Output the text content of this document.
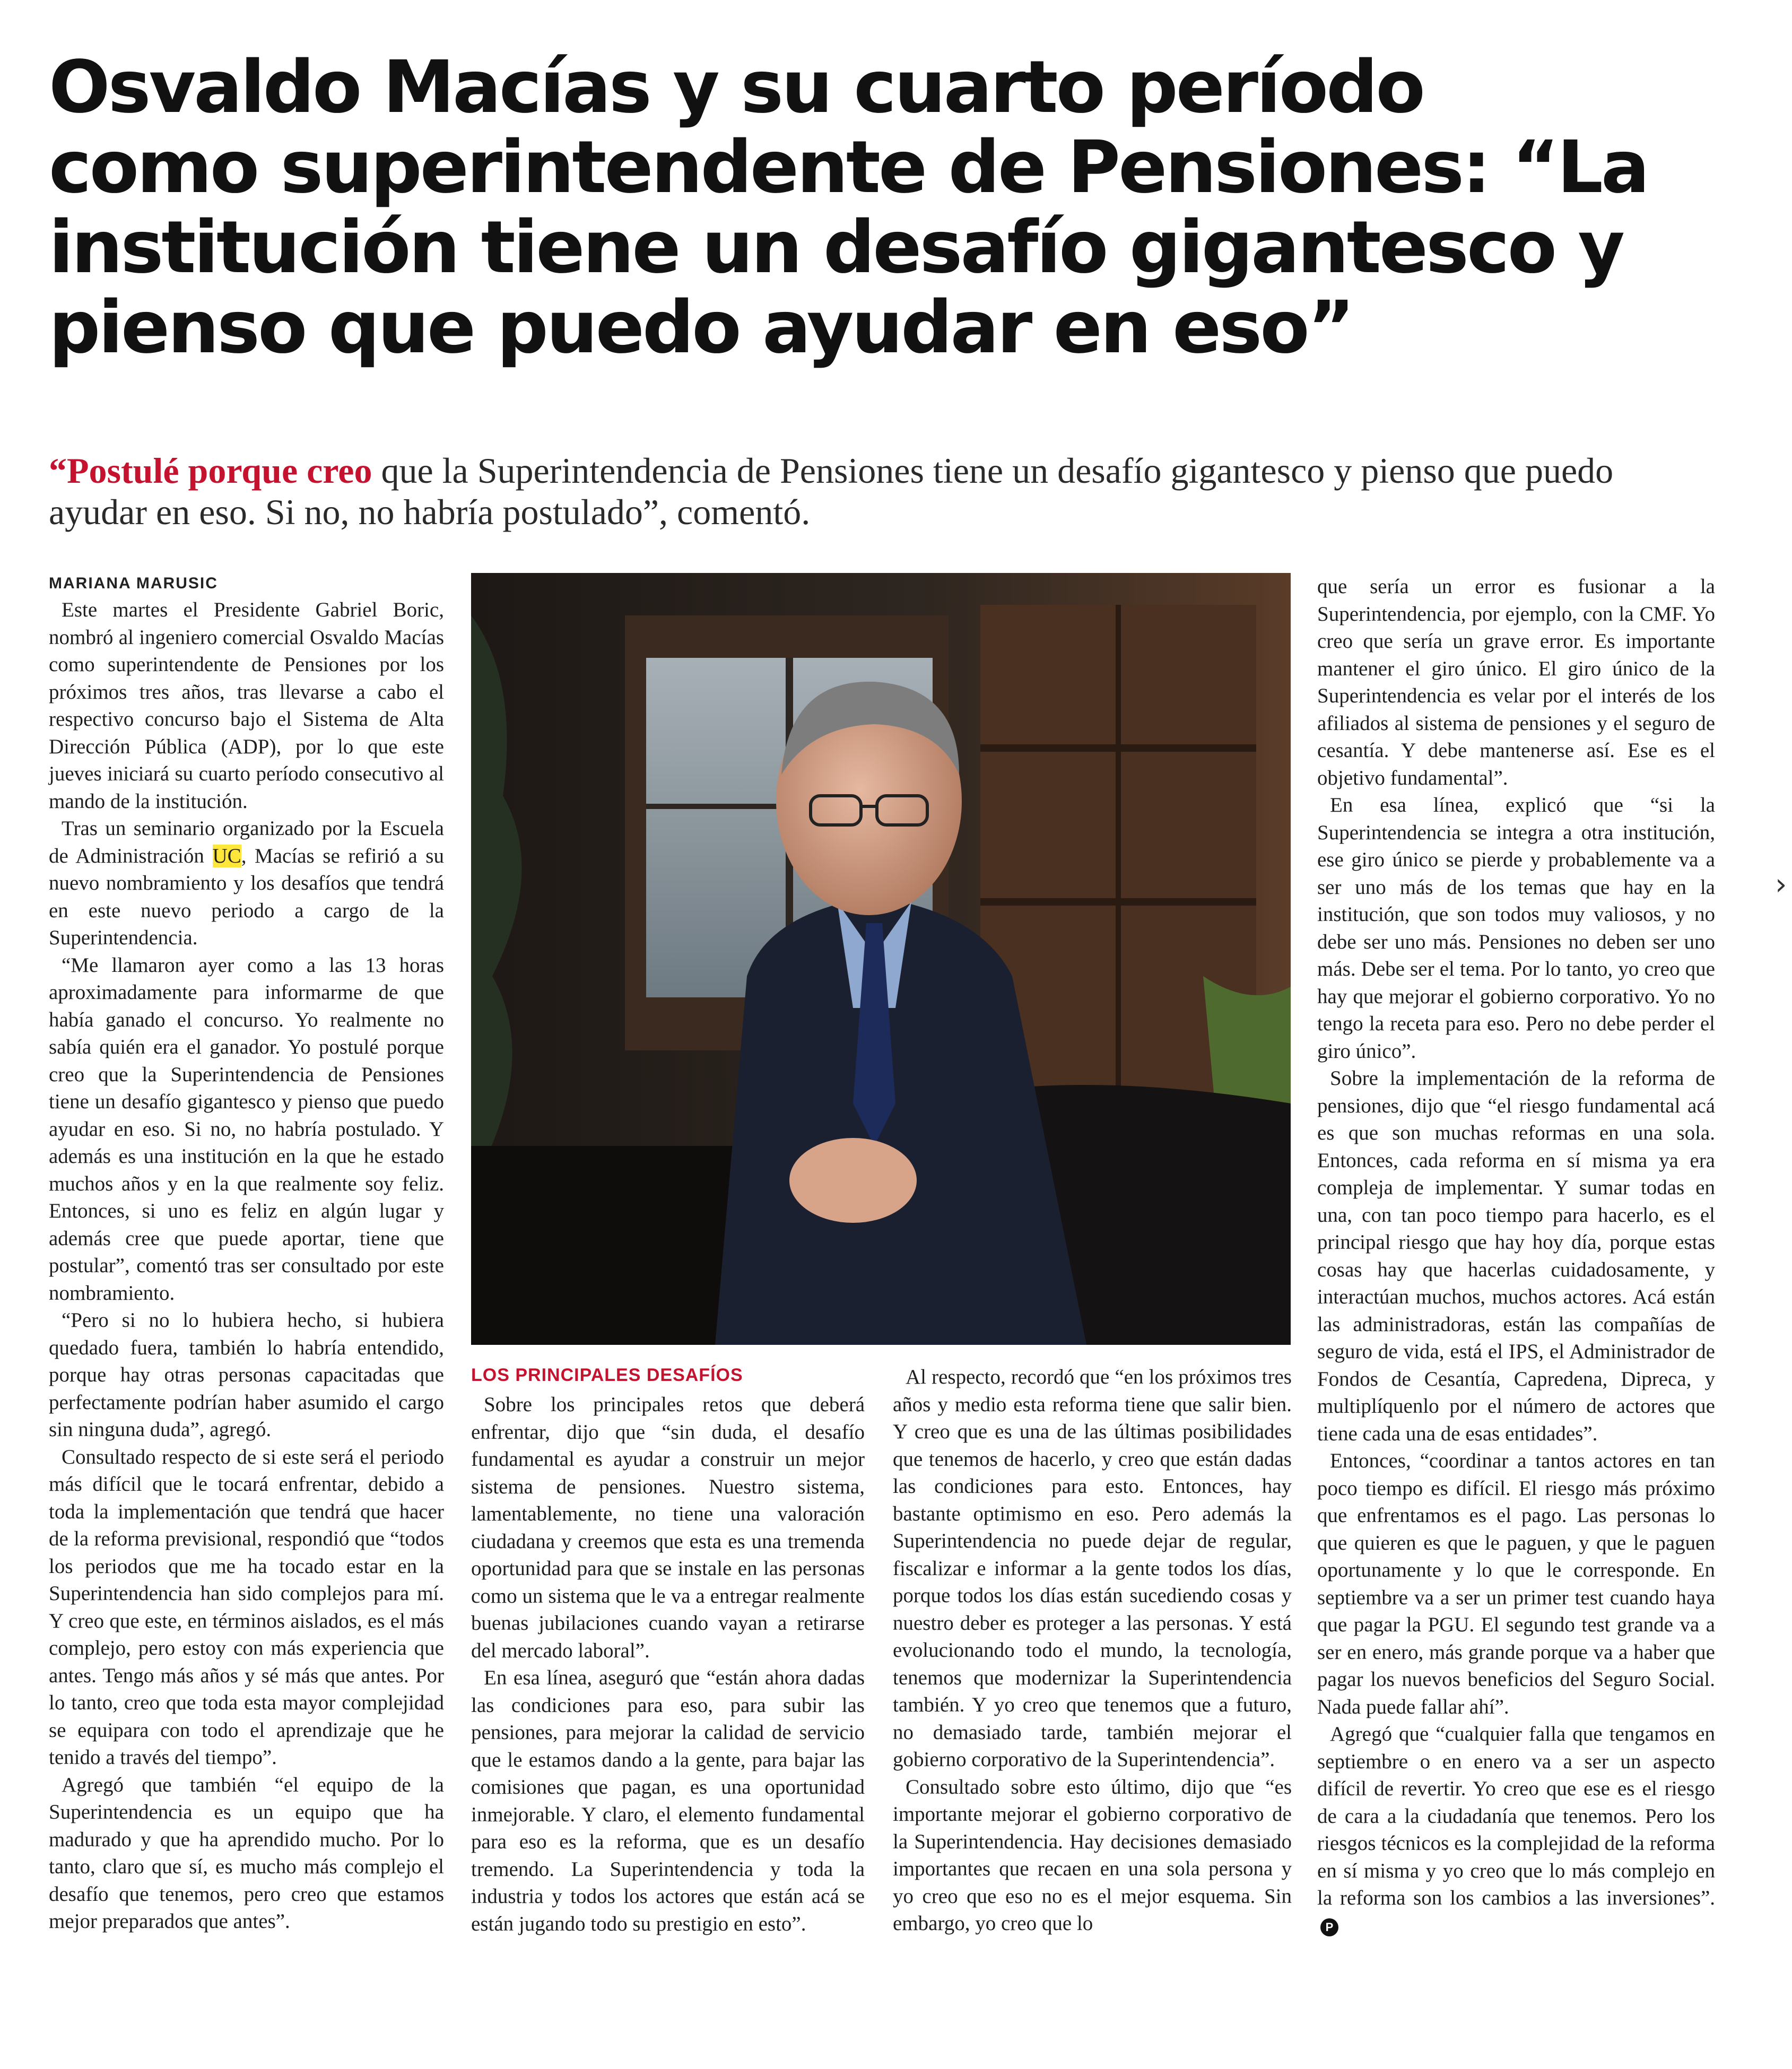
Osvaldo Macías y su cuarto período
como superintendente de Pensiones: “La
institución tiene un desafío gigantesco y
pienso que puedo ayudar en eso”
“Postulé porque creo que la Superintendencia de Pensiones tiene un desafío gigantesco y pienso que puedo
ayudar en eso. Si no, no habría postulado”, comentó.
MARIANA MARUSIC

Este martes el Presidente Gabriel Boric, nombró al ingeniero comercial Osvaldo Macías como superintendente de Pensiones por los próximos tres años, tras llevarse a cabo el respectivo concurso bajo el Sistema de Alta Dirección Pública (ADP), por lo que este jueves iniciará su cuarto período consecutivo al mando de la institución.

Tras un seminario organizado por la Escuela de Administración UC, Macías se refirió a su nuevo nombramiento y los desafíos que tendrá en este nuevo periodo a cargo de la Superintendencia.

“Me llamaron ayer como a las 13 horas aproximadamente para informarme de que había ganado el concurso. Yo realmente no sabía quién era el ganador. Yo postulé porque creo que la Superintendencia de Pensiones tiene un desafío gigantesco y pienso que puedo ayudar en eso. Si no, no habría postulado. Y además es una institución en la que he estado muchos años y en la que realmente soy feliz. Entonces, si uno es feliz en algún lugar y además cree que puede aportar, tiene que postular”, comentó tras ser consultado por este nombramiento.

“Pero si no lo hubiera hecho, si hubiera quedado fuera, también lo habría entendido, porque hay otras personas capacitadas que perfectamente podrían haber asumido el cargo sin ninguna duda”, agregó.

Consultado respecto de si este será el periodo más difícil que le tocará enfrentar, debido a toda la implementación que tendrá que hacer de la reforma previsional, respondió que “todos los periodos que me ha tocado estar en la Superintendencia han sido complejos para mí. Y creo que este, en términos aislados, es el más complejo, pero estoy con más experiencia que antes. Tengo más años y sé más que antes. Por lo tanto, creo que toda esta mayor complejidad se equipara con todo el aprendizaje que he tenido a través del tiempo”.

Agregó que también “el equipo de la Superintendencia es un equipo que ha madurado y que ha aprendido mucho. Por lo tanto, claro que sí, es mucho más complejo el desafío que tenemos, pero creo que estamos mejor preparados que antes”.

LOS PRINCIPALES DESAFÍOS

Sobre los principales retos que deberá enfrentar, dijo que “sin duda, el desafío fundamental es ayudar a construir un mejor sistema de pensiones. Nuestro sistema, lamentablemente, no tiene una valoración ciudadana y creemos que esta es una tremenda oportunidad para que se instale en las personas como un sistema que le va a entregar realmente buenas jubilaciones cuando vayan a retirarse del mercado laboral”.

En esa línea, aseguró que “están ahora dadas las condiciones para eso, para subir las pensiones, para mejorar la calidad de servicio que le estamos dando a la gente, para bajar las comisiones que pagan, es una oportunidad inmejorable. Y claro, el elemento fundamental para eso es la reforma, que es un desafío tremendo. La Superintendencia y toda la industria y todos los actores que están acá se están jugando todo su prestigio en esto”.

Al respecto, recordó que “en los próximos tres años y medio esta reforma tiene que salir bien. Y creo que es una de las últimas posibilidades que tenemos de hacerlo, y creo que están dadas las condiciones para esto. Entonces, hay bastante optimismo en eso. Pero además la Superintendencia no puede dejar de regular, fiscalizar e informar a la gente todos los días, porque todos los días están sucediendo cosas y nuestro deber es proteger a las personas. Y está evolucionando todo el mundo, la tecnología, tenemos que modernizar la Superintendencia también. Y yo creo que tenemos que a futuro, no demasiado tarde, también mejorar el gobierno corporativo de la Superintendencia”.

Consultado sobre esto último, dijo que “es importante mejorar el gobierno corporativo de la Superintendencia. Hay decisiones demasiado importantes que recaen en una sola persona y yo creo que eso no es el mejor esquema. Sin embargo, yo creo que lo

que sería un error es fusionar a la Superintendencia, por ejemplo, con la CMF. Yo creo que sería un grave error. Es importante mantener el giro único. El giro único de la Superintendencia es velar por el interés de los afiliados al sistema de pensiones y el seguro de cesantía. Y debe mantenerse así. Ese es el objetivo fundamental”.

En esa línea, explicó que “si la Superintendencia se integra a otra institución, ese giro único se pierde y probablemente va a ser uno más de los temas que hay en la institución, que son todos muy valiosos, y no debe ser uno más. Pensiones no deben ser uno más. Debe ser el tema. Por lo tanto, yo creo que hay que mejorar el gobierno corporativo. Yo no tengo la receta para eso. Pero no debe perder el giro único”.

Sobre la implementación de la reforma de pensiones, dijo que “el riesgo fundamental acá es que son muchas reformas en una sola. Entonces, cada reforma en sí misma ya era compleja de implementar. Y sumar todas en una, con tan poco tiempo para hacerlo, es el principal riesgo que hay hoy día, porque estas cosas hay que hacerlas cuidadosamente, y interactúan muchos, muchos actores. Acá están las administradoras, están las compañías de seguro de vida, está el IPS, el Administrador de Fondos de Cesantía, Capredena, Dipreca, y multiplíquenlo por el número de actores que tiene cada una de esas entidades”.

Entonces, “coordinar a tantos actores en tan poco tiempo es difícil. El riesgo más próximo que enfrentamos es el pago. Las personas lo que quieren es que le paguen, y que le paguen oportunamente y lo que le corresponde. En septiembre va a ser un primer test cuando haya que pagar la PGU. El segundo test grande va a ser en enero, más grande porque va a haber que pagar los nuevos beneficios del Seguro Social. Nada puede fallar ahí”.

Agregó que “cualquier falla que tengamos en septiembre o en enero va a ser un aspecto difícil de revertir. Yo creo que ese es el riesgo de cara a la ciudadanía que tenemos. Pero los riesgos técnicos es la complejidad de la reforma en sí misma y yo creo que lo más complejo en la reforma son los cambios a las inversiones”.P

›
